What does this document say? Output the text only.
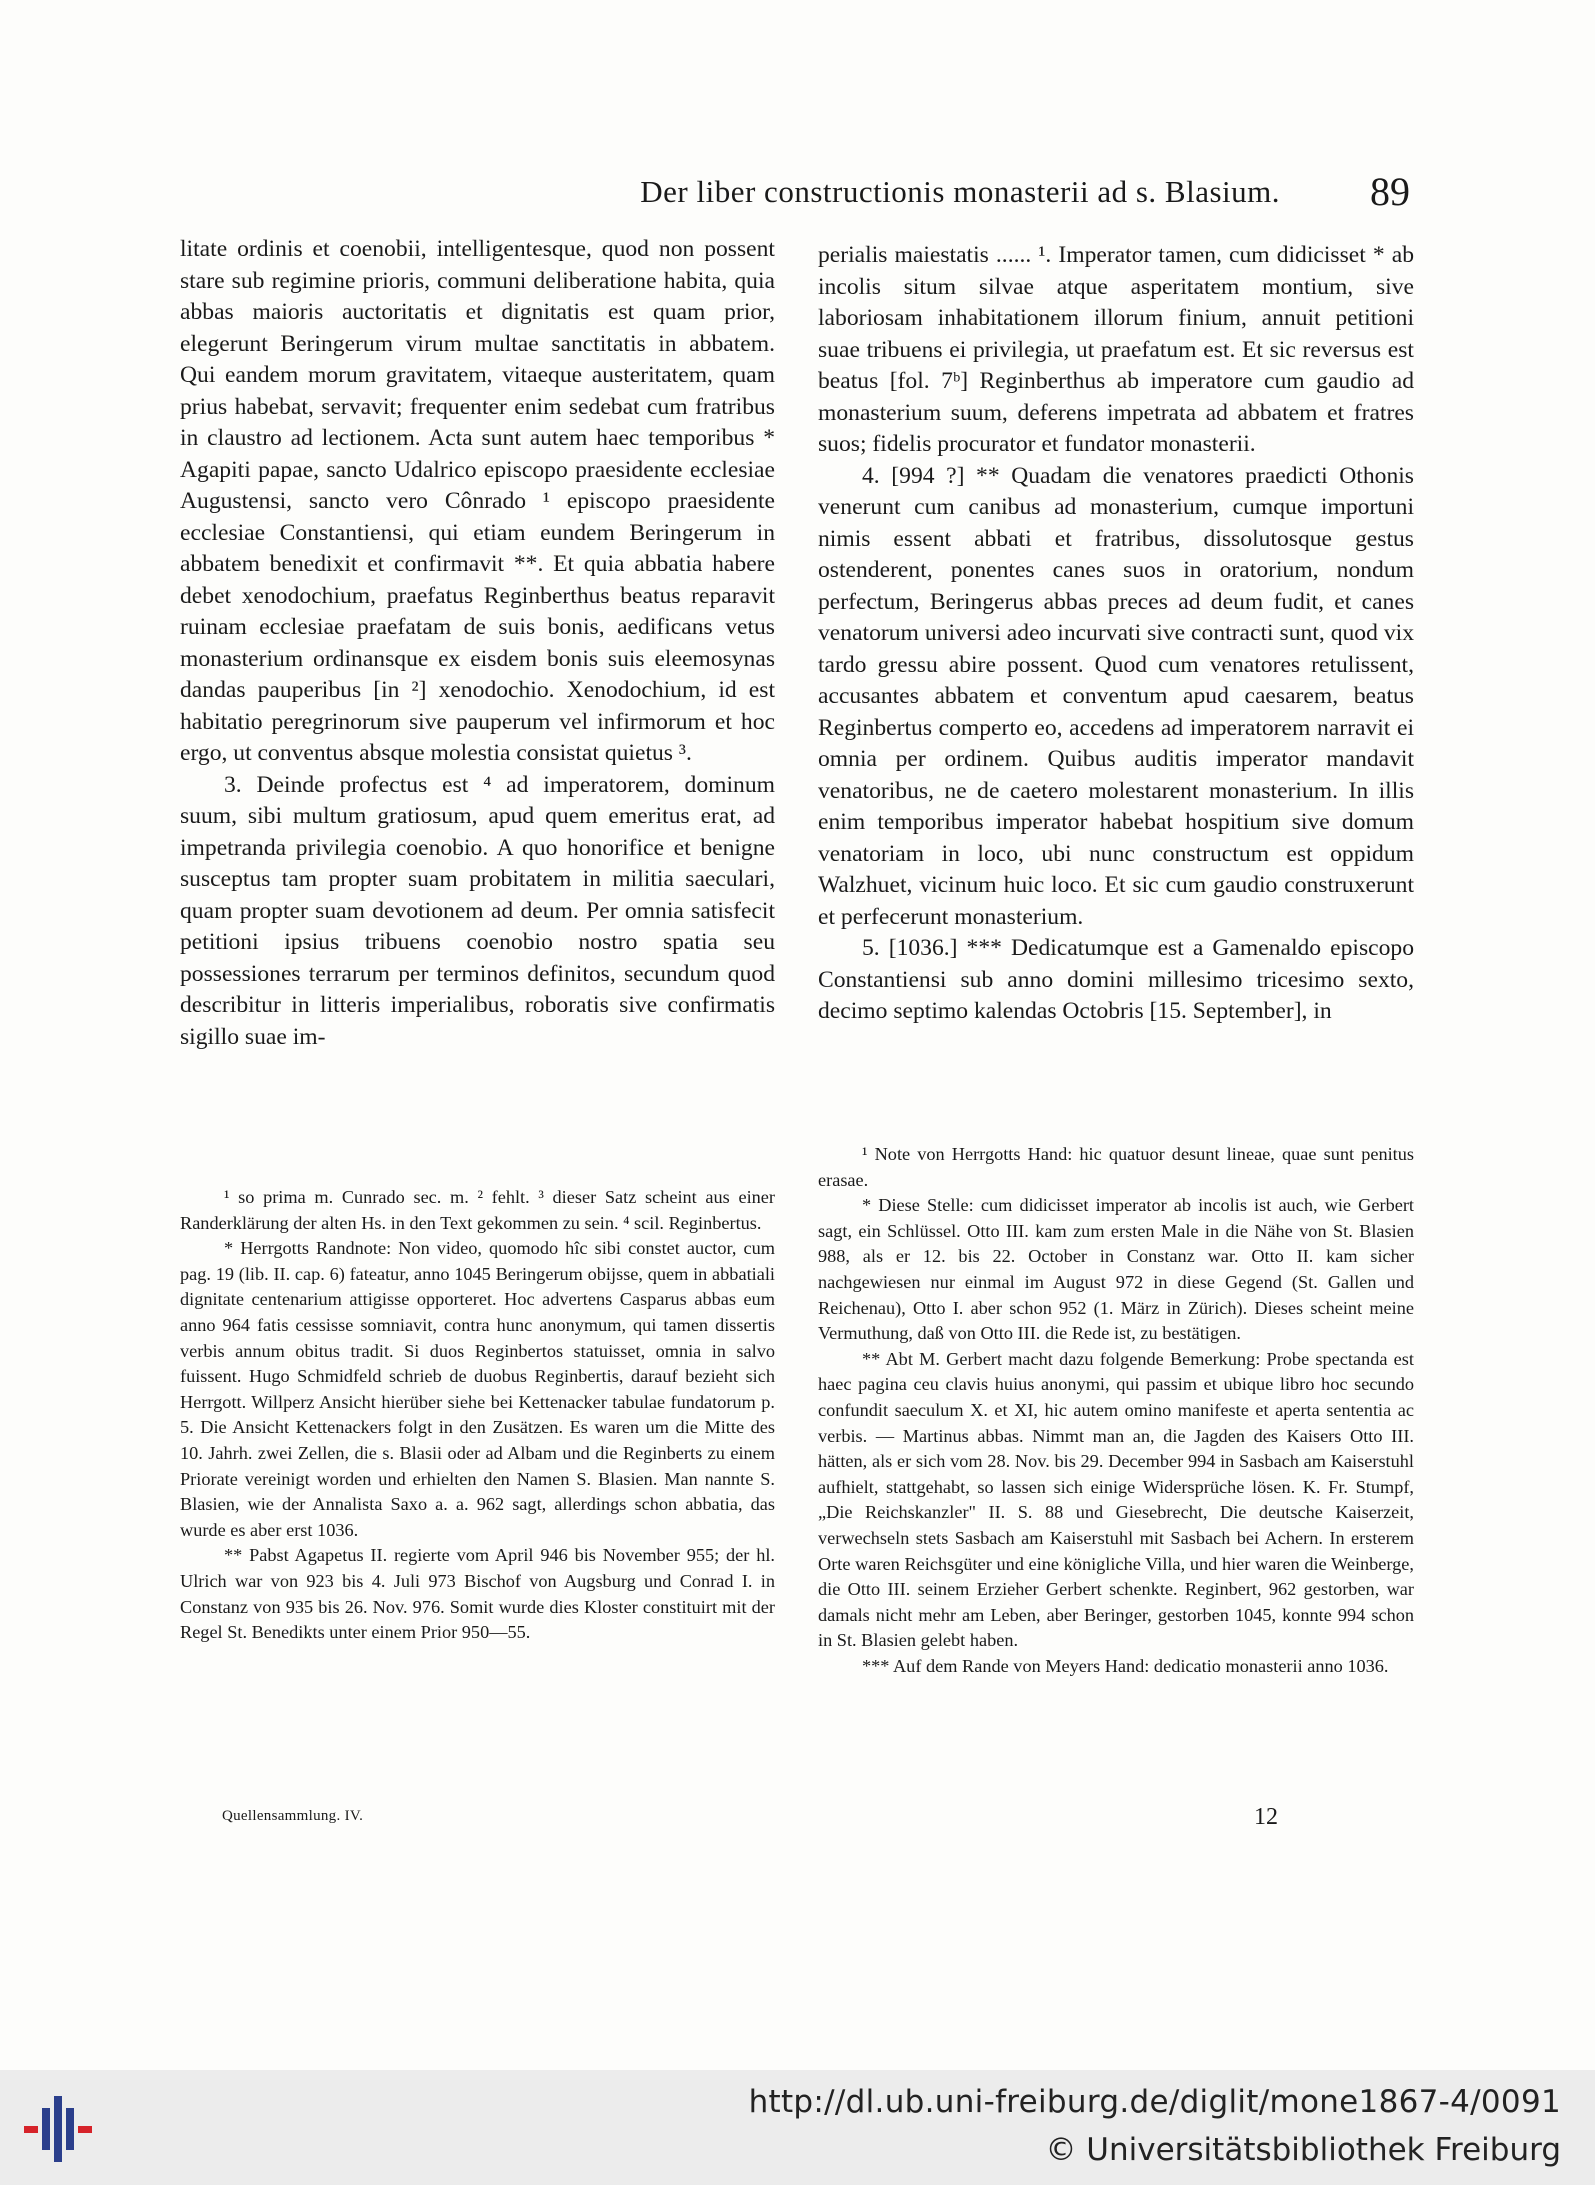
Der liber constructionis monasterii ad s. Blasium. 89

litate ordinis et coenobii, intelligentesque, quod non possent stare sub regimine prioris, communi deliberatione habita, quia abbas maioris auctoritatis et dignitatis est quam prior, elegerunt Beringerum virum multae sanctitatis in abbatem. Qui eandem morum gravitatem, vitaeque austeritatem, quam prius habebat, servavit; frequenter enim sedebat cum fratribus in claustro ad lectionem. Acta sunt autem haec temporibus * Agapiti papae, sancto Udalrico episcopo praesidente ecclesiae Augustensi, sancto vero Cônrado ¹ episcopo praesidente ecclesiae Constantiensi, qui etiam eundem Beringerum in abbatem benedixit et confirmavit **. Et quia abbatia habere debet xenodochium, praefatus Reginberthus beatus reparavit ruinam ecclesiae praefatam de suis bonis, aedificans vetus monasterium ordinansque ex eisdem bonis suis eleemosynas dandas pauperibus [in ²] xenodochio. Xenodochium, id est habitatio peregrinorum sive pauperum vel infirmorum et hoc ergo, ut conventus absque molestia consistat quietus ³.

3. Deinde profectus est ⁴ ad imperatorem, dominum suum, sibi multum gratiosum, apud quem emeritus erat, ad impetranda privilegia coenobio. A quo honorifice et benigne susceptus tam propter suam probitatem in militia saeculari, quam propter suam devotionem ad deum. Per omnia satisfecit petitioni ipsius tribuens coenobio nostro spatia seu possessiones terrarum per terminos definitos, secundum quod describitur in litteris imperialibus, roboratis sive confirmatis sigillo suae im-

perialis maiestatis ...... ¹. Imperator tamen, cum didicisset * ab incolis situm silvae atque asperitatem montium, sive laboriosam inhabitationem illorum finium, annuit petitioni suae tribuens ei privilegia, ut praefatum est. Et sic reversus est beatus [fol. 7ᵇ] Reginberthus ab imperatore cum gaudio ad monasterium suum, deferens impetrata ad abbatem et fratres suos; fidelis procurator et fundator monasterii.

4. [994 ?] ** Quadam die venatores praedicti Othonis venerunt cum canibus ad monasterium, cumque importuni nimis essent abbati et fratribus, dissolutosque gestus ostenderent, ponentes canes suos in oratorium, nondum perfectum, Beringerus abbas preces ad deum fudit, et canes venatorum universi adeo incurvati sive contracti sunt, quod vix tardo gressu abire possent. Quod cum venatores retulissent, accusantes abbatem et conventum apud caesarem, beatus Reginbertus comperto eo, accedens ad imperatorem narravit ei omnia per ordinem. Quibus auditis imperator mandavit venatoribus, ne de caetero molestarent monasterium. In illis enim temporibus imperator habebat hospitium sive domum venatoriam in loco, ubi nunc constructum est oppidum Walzhuet, vicinum huic loco. Et sic cum gaudio construxerunt et perfecerunt monasterium.

5. [1036.] *** Dedicatumque est a Gamenaldo episcopo Constantiensi sub anno domini millesimo tricesimo sexto, decimo septimo kalendas Octobris [15. September], in

¹ so prima m. Cunrado sec. m. ² fehlt. ³ dieser Satz scheint aus einer Randerklärung der alten Hs. in den Text gekommen zu sein. ⁴ scil. Reginbertus.

* Herrgotts Randnote: Non video, quomodo hîc sibi constet auctor, cum pag. 19 (lib. II. cap. 6) fateatur, anno 1045 Beringerum obijsse, quem in abbatiali dignitate centenarium attigisse opporteret. Hoc advertens Casparus abbas eum anno 964 fatis cessisse somniavit, contra hunc anonymum, qui tamen dissertis verbis annum obitus tradit. Si duos Reginbertos statuisset, omnia in salvo fuissent. Hugo Schmidfeld schrieb de duobus Reginbertis, darauf bezieht sich Herrgott. Willperz Ansicht hierüber siehe bei Kettenacker tabulae fundatorum p. 5. Die Ansicht Kettenackers folgt in den Zusätzen. Es waren um die Mitte des 10. Jahrh. zwei Zellen, die s. Blasii oder ad Albam und die Reginberts zu einem Priorate vereinigt worden und erhielten den Namen S. Blasien. Man nannte S. Blasien, wie der Annalista Saxo a. a. 962 sagt, allerdings schon abbatia, das wurde es aber erst 1036.

** Pabst Agapetus II. regierte vom April 946 bis November 955; der hl. Ulrich war von 923 bis 4. Juli 973 Bischof von Augsburg und Conrad I. in Constanz von 935 bis 26. Nov. 976. Somit wurde dies Kloster constituirt mit der Regel St. Benedikts unter einem Prior 950—55.

Quellensammlung. IV.

¹ Note von Herrgotts Hand: hic quatuor desunt lineae, quae sunt penitus erasae.

* Diese Stelle: cum didicisset imperator ab incolis ist auch, wie Gerbert sagt, ein Schlüssel. Otto III. kam zum ersten Male in die Nähe von St. Blasien 988, als er 12. bis 22. October in Constanz war. Otto II. kam sicher nachgewiesen nur einmal im August 972 in diese Gegend (St. Gallen und Reichenau), Otto I. aber schon 952 (1. März in Zürich). Dieses scheint meine Vermuthung, daß von Otto III. die Rede ist, zu bestätigen.

** Abt M. Gerbert macht dazu folgende Bemerkung: Probe spectanda est haec pagina ceu clavis huius anonymi, qui passim et ubique libro hoc secundo confundit saeculum X. et XI, hic autem omino manifeste et aperta sententia ac verbis. — Martinus abbas. Nimmt man an, die Jagden des Kaisers Otto III. hätten, als er sich vom 28. Nov. bis 29. December 994 in Sasbach am Kaiserstuhl aufhielt, stattgehabt, so lassen sich einige Widersprüche lösen. K. Fr. Stumpf, „Die Reichskanzler" II. S. 88 und Giesebrecht, Die deutsche Kaiserzeit, verwechseln stets Sasbach am Kaiserstuhl mit Sasbach bei Achern. In ersterem Orte waren Reichsgüter und eine königliche Villa, und hier waren die Weinberge, die Otto III. seinem Erzieher Gerbert schenkte. Reginbert, 962 gestorben, war damals nicht mehr am Leben, aber Beringer, gestorben 1045, konnte 994 schon in St. Blasien gelebt haben.

*** Auf dem Rande von Meyers Hand: dedicatio monasterii anno 1036.

12
http://dl.ub.uni-freiburg.de/diglit/mone1867-4/0091
© Universitätsbibliothek Freiburg
